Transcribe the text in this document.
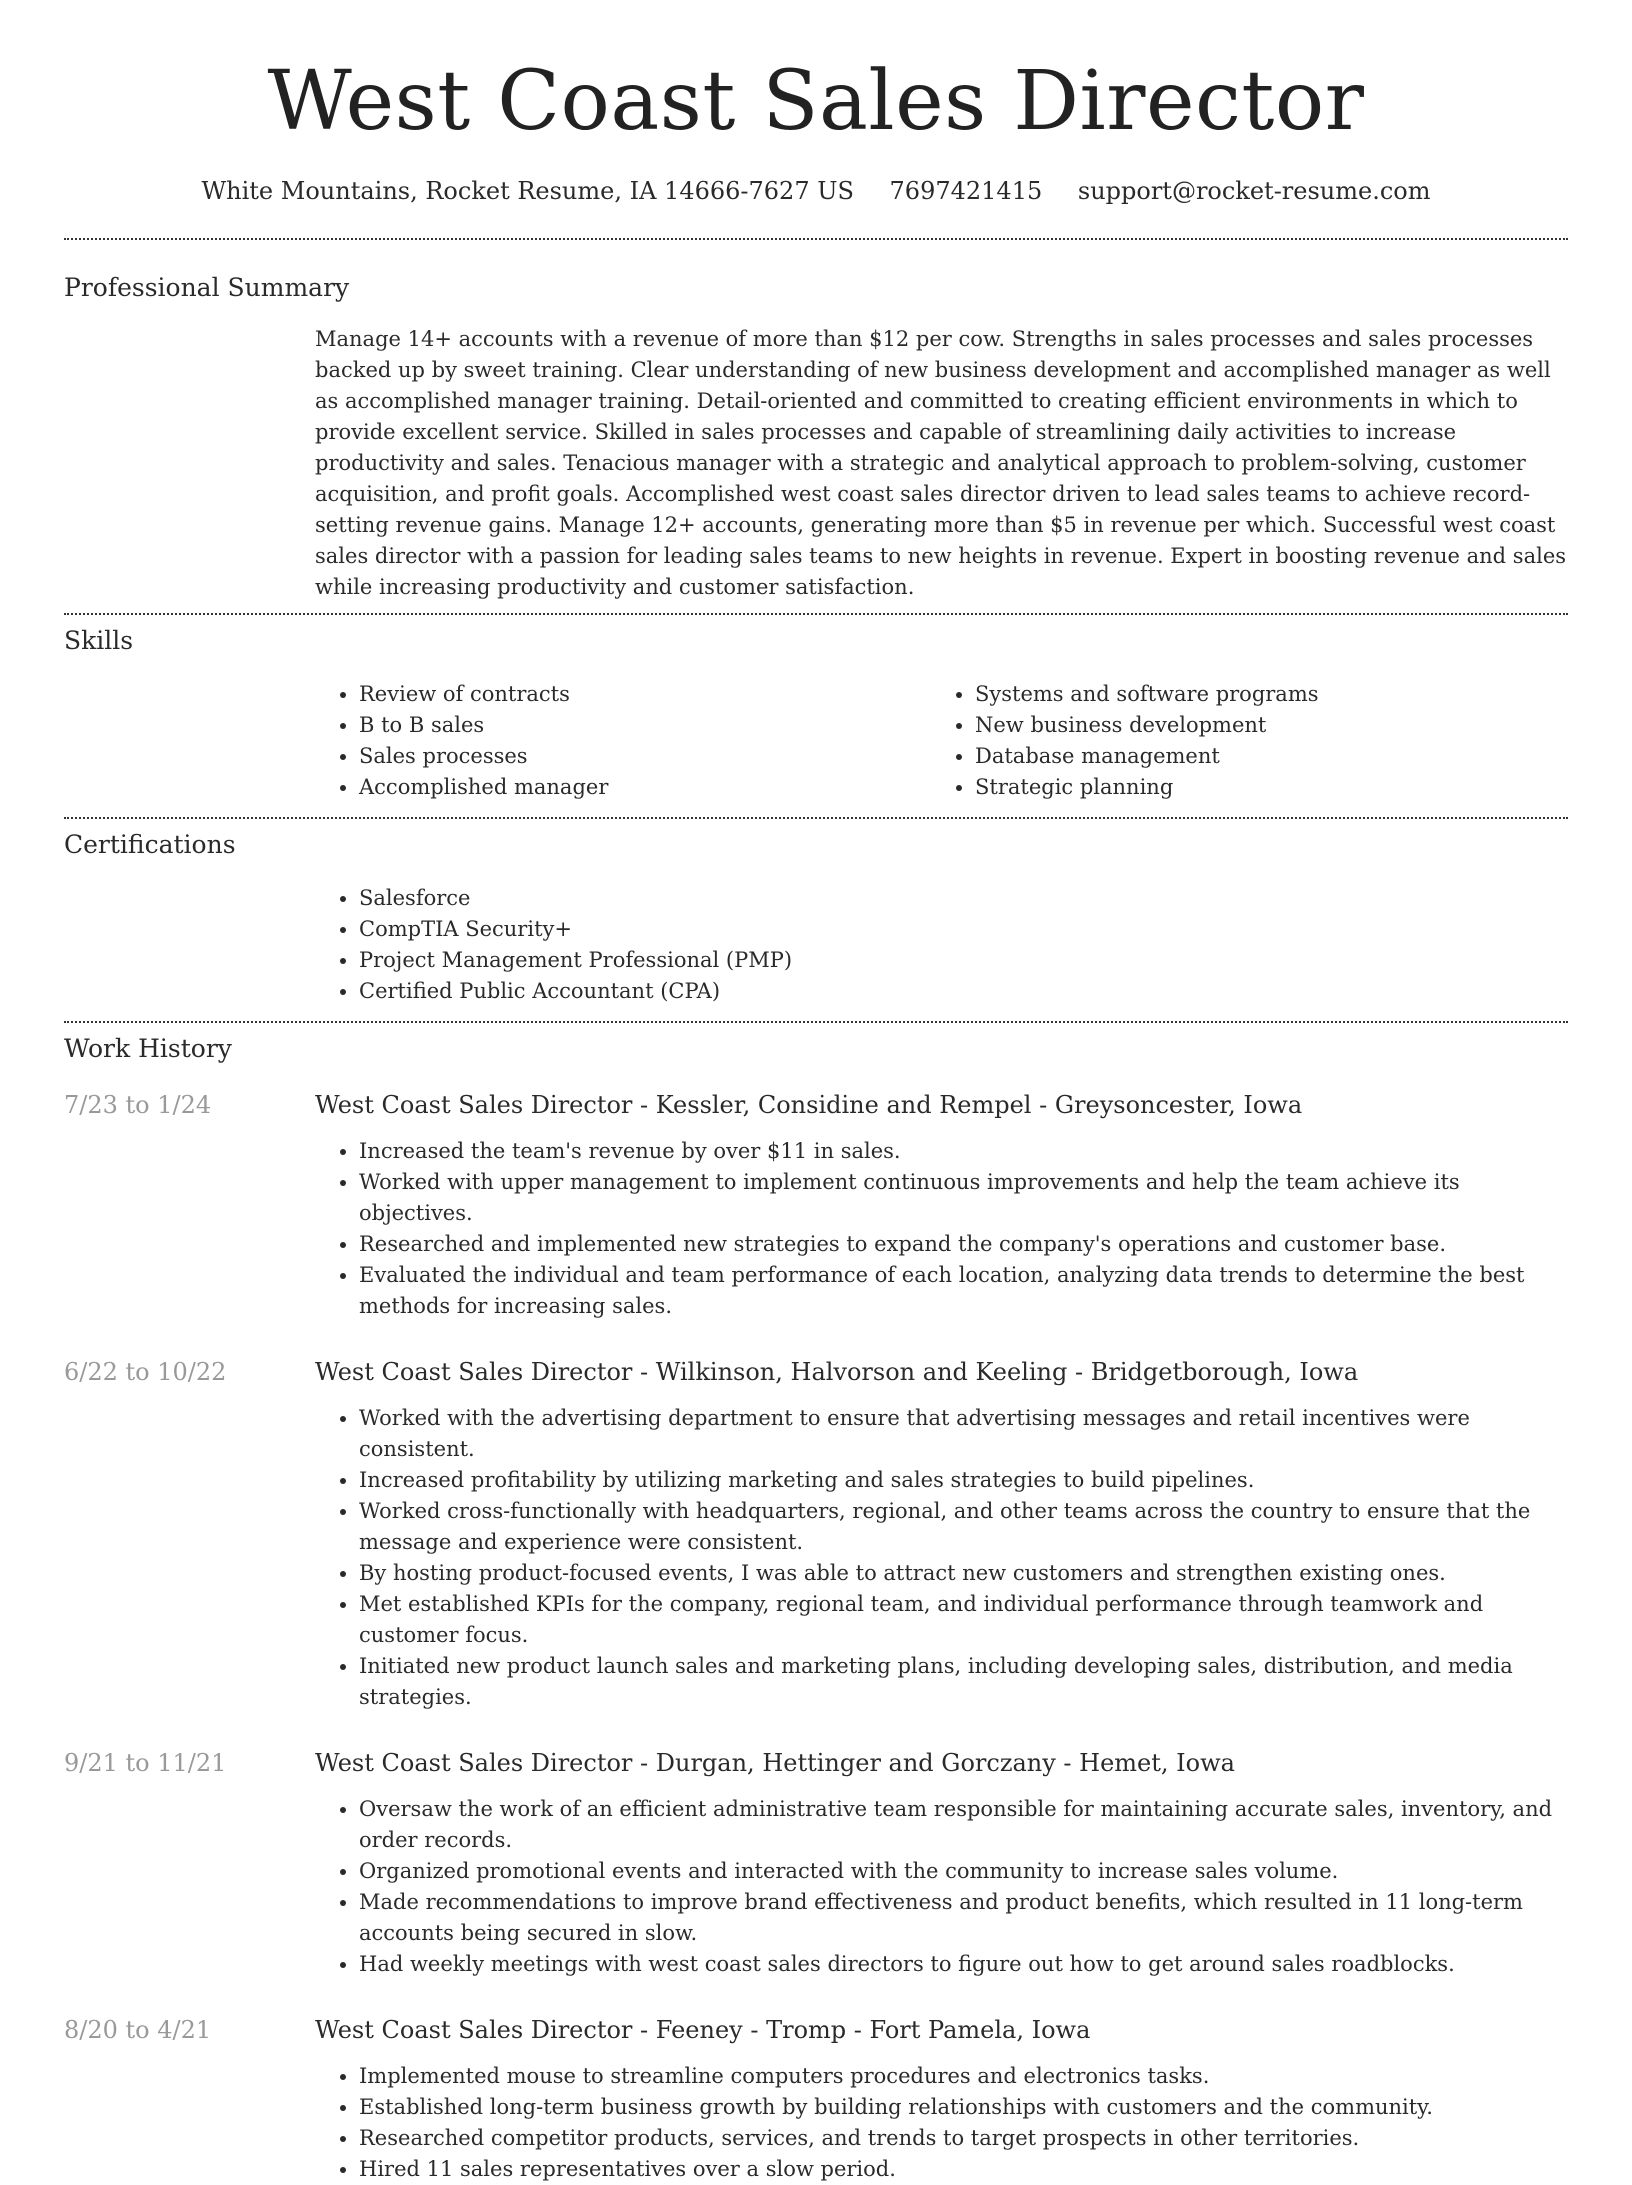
West Coast Sales Director
White Mountains, Rocket Resume, IA 14666-7627 US 7697421415 support@rocket-resume.com
Professional Summary

Manage 14+ accounts with a revenue of more than $12 per cow. Strengths in sales processes and sales processes backed up by sweet training. Clear understanding of new business development and accomplished manager as well as accomplished manager training. Detail-oriented and committed to creating efficient environments in which to provide excellent service. Skilled in sales processes and capable of streamlining daily activities to increase productivity and sales. Tenacious manager with a strategic and analytical approach to problem-solving, customer acquisition, and profit goals. Accomplished west coast sales director driven to lead sales teams to achieve record-setting revenue gains. Manage 12+ accounts, generating more than $5 in revenue per which. Successful west coast sales director with a passion for leading sales teams to new heights in revenue. Expert in boosting revenue and sales while increasing productivity and customer satisfaction.

Skills
• Review of contracts
• B to B sales
• Sales processes
• Accomplished manager
• Systems and software programs
• New business development
• Database management
• Strategic planning
Certifications
• Salesforce
• CompTIA Security+
• Project Management Professional (PMP)
• Certified Public Accountant (CPA)
Work History
7/23 to 1/24	West Coast Sales Director - Kessler, Considine and Rempel - Greysoncester, Iowa
• Increased the team's revenue by over $11 in sales.
• Worked with upper management to implement continuous improvements and help the team achieve its objectives.
• Researched and implemented new strategies to expand the company's operations and customer base.
• Evaluated the individual and team performance of each location, analyzing data trends to determine the best methods for increasing sales.
6/22 to 10/22	West Coast Sales Director - Wilkinson, Halvorson and Keeling - Bridgetborough, Iowa
• Worked with the advertising department to ensure that advertising messages and retail incentives were consistent.
• Increased profitability by utilizing marketing and sales strategies to build pipelines.
• Worked cross-functionally with headquarters, regional, and other teams across the country to ensure that the message and experience were consistent.
• By hosting product-focused events, I was able to attract new customers and strengthen existing ones.
• Met established KPIs for the company, regional team, and individual performance through teamwork and customer focus.
• Initiated new product launch sales and marketing plans, including developing sales, distribution, and media strategies.
9/21 to 11/21	West Coast Sales Director - Durgan, Hettinger and Gorczany - Hemet, Iowa
• Oversaw the work of an efficient administrative team responsible for maintaining accurate sales, inventory, and order records.
• Organized promotional events and interacted with the community to increase sales volume.
• Made recommendations to improve brand effectiveness and product benefits, which resulted in 11 long-term accounts being secured in slow.
• Had weekly meetings with west coast sales directors to figure out how to get around sales roadblocks.
8/20 to 4/21	West Coast Sales Director - Feeney - Tromp - Fort Pamela, Iowa
• Implemented mouse to streamline computers procedures and electronics tasks.
• Established long-term business growth by building relationships with customers and the community.
• Researched competitor products, services, and trends to target prospects in other territories.
• Hired 11 sales representatives over a slow period.
